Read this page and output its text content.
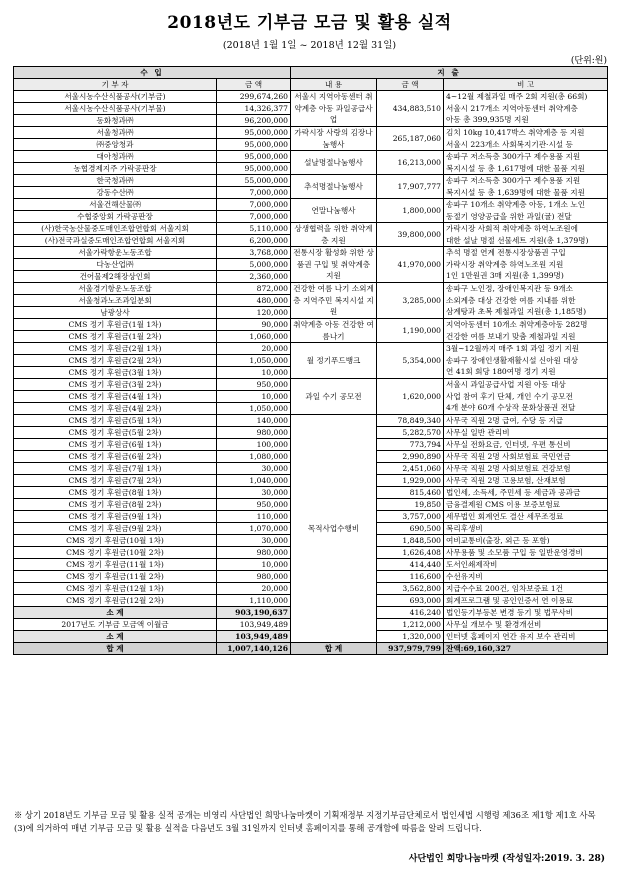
2018년도 기부금 모금 및 활용 실적
(2018년 1월 1일 ~ 2018년 12월 31일)
(단위:원)
수 입		지 출		
기 부 자	금 액	내 용	금 액	비 고
서울시농수산식품공사(기부금)	299,674,260	서울시 지역아동센터 취약계층 아동 과일공급사업	434,883,510	4~12월 제철과일 매주 2회 지원(총 66회)
서울시 217개소 지역아동센터 취약계층
아동 총 399,935명 지원

서울시농수산식품공사(기부물)	14,326,377			
동화청과㈜	96,200,000			
서울청과㈜	95,000,000	가락시장 사랑의 김장나눔행사	265,187,060	김치 10kg 10,417박스 취약계층 등 지원
서울시 223개소 사회복지기관·시설 등

㈜중앙청과	95,000,000			
대아청과㈜	95,000,000	설날명절나눔행사	16,213,000	송파구 저소득층 300가구 제수용품 지원
복지시설 등 총 1,617명에 대한 물품 지원

농협경제지주 가락공판장	95,000,000			
한국청과㈜	55,000,000	추석명절나눔행사	17,907,777	송파구 저소득층 300가구 제수용품 지원
복지시설 등 총 1,639명에 대한 물품 지원

강동수산㈜	7,000,000			
서울건해산물㈜	7,000,000	연말나눔행사	1,800,000	송파구 10개소 취약계층 아동, 1개소 노인
동절기 영양공급을 위한 과일(귤) 전달

수협중앙회 가락공판장	7,000,000			
(사)한국농산물중도매인조합연합회 서울지회	5,110,000	상생협력을 위한 취약계층 지원	39,800,000	가락시장 사회적 취약계층 하역노조원에
대한 설날 명절 선물세트 지원(총 1,379명)

(사)전국과실중도매인조합연합회 서울지회	6,200,000			
서울가락항운노동조합	3,768,000	전통시장 활성화 위한 상품권 구입 및 취약계층 지원	41,970,000	추석 명절 연계 전통시장상품권 구입
가락시장 취약계층 하역노조원 지원
1인 1만원권 3매 지원(총 1,399명)

다농산업㈜	5,000,000			
건어물제2해장상인회	2,360,000			
서울경기항운노동조합	872,000	건강한 여름 나기 소외계층 지역주민 복지시설 지원	3,285,000	송파구 노인정, 장애인복지관 등 9개소
소외계층 대상 건강한 여름 지내를 위한
삼계탕과 초복 제철과일 지원(총 1,185명)

서울청과노조과일분회	480,000			
남광상사	120,000			
CMS 정기 후원금(1월 1차)	90,000	취약계층 아동 건강한 여름나기	1,190,000	지역아동센터 10개소 취약계층아동 282명
건강한 여름 보내기 맞춤 제철과일 지원

CMS 정기 후원금(1월 2차)	1,060,000			
CMS 정기 후원금(2월 1차)	20,000	월 정기푸드뱅크	5,354,000	3월~12월까지 매주 1회 과일 정기 지원
송파구 장애인생활재활시설 신아원 대상
연 41회 회당 180여명 정기 지원

CMS 정기 후원금(2월 2차)	1,050,000			
CMS 정기 후원금(3월 1차)	10,000			
CMS 정기 후원금(3월 2차)	950,000	과일 수기 공모전	1,620,000	서울시 과일공급사업 지원 아동 대상
사업 참여 후기 단체, 개인 수기 공모전
4개 분야 60개 수상작 문화상품권 전달

CMS 정기 후원금(4월 1차)	10,000			
CMS 정기 후원금(4월 2차)	1,050,000			
CMS 정기 후원금(5월 1차)	140,000	목적사업수행비	78,849,340	사무국 직원 2명 급여, 수당 등 지급

CMS 정기 후원금(5월 2차)	980,000		5,282,570	사무실 일반 관리비

CMS 정기 후원금(6월 1차)	100,000		773,794	사무실 전화요금, 인터넷, 우편 통신비

CMS 정기 후원금(6월 2차)	1,080,000		2,990,890	사무국 직원 2명 사회보험료 국민연금

CMS 정기 후원금(7월 1차)	30,000		2,451,060	사무국 직원 2명 사회보험료 건강보험

CMS 정기 후원금(7월 2차)	1,040,000		1,929,000	사무국 직원 2명 고용보험, 산재보험

CMS 정기 후원금(8월 1차)	30,000		815,460	법인세, 소득세, 주민세 등 세금과 공과금

CMS 정기 후원금(8월 2차)	950,000		19,850	금융결제원 CMS 이용 보증보험료

CMS 정기 후원금(9월 1차)	110,000		3,757,000	세무법인 회계연도 결산 세무조정료

CMS 정기 후원금(9월 2차)	1,070,000		690,500	복리후생비

CMS 정기 후원금(10월 1차)	30,000		1,848,500	여비교통비(출장, 외근 등 포함)

CMS 정기 후원금(10월 2차)	980,000		1,626,408	사무용품 및 소모품 구입 등 일반운영경비

CMS 정기 후원금(11월 1차)	10,000		414,440	도서인쇄제작비

CMS 정기 후원금(11월 2차)	980,000		116,600	수선유지비

CMS 정기 후원금(12월 1차)	20,000		3,562,800	지급수수료 200건, 임차보증료 1건

CMS 정기 후원금(12월 2차)	1,110,000		693,000	회계프로그램 및 공인인증서 연 이용료

소 계	903,190,637		416,240	법인등기부등본 변경 등기 및 법무사비

2017년도 기부금 모금액 이월금	103,949,489		1,212,000	사무실 개보수 및 환경개선비

소 계	103,949,489		1,320,000	인터넷 홈페이지 연간 유지 보수 관리비

합 계	1,007,140,126	합 계	937,979,799	잔액:69,160,327
※ 상기 2018년도 기부금 모금 및 활용 실적 공개는 비영리 사단법인 희망나눔마켓이 기획재정부 지정기부금단체로서 법인세법 시행령 제36조 제1항 제1호 사목(3)에 의거하여 매년 기부금 모금 및 활용 실적을 다음년도 3월 31일까지 인터넷 홈페이지를 통해 공개함에 따름을 알려 드립니다.
사단법인 희망나눔마켓 (작성일자:2019. 3. 28)
